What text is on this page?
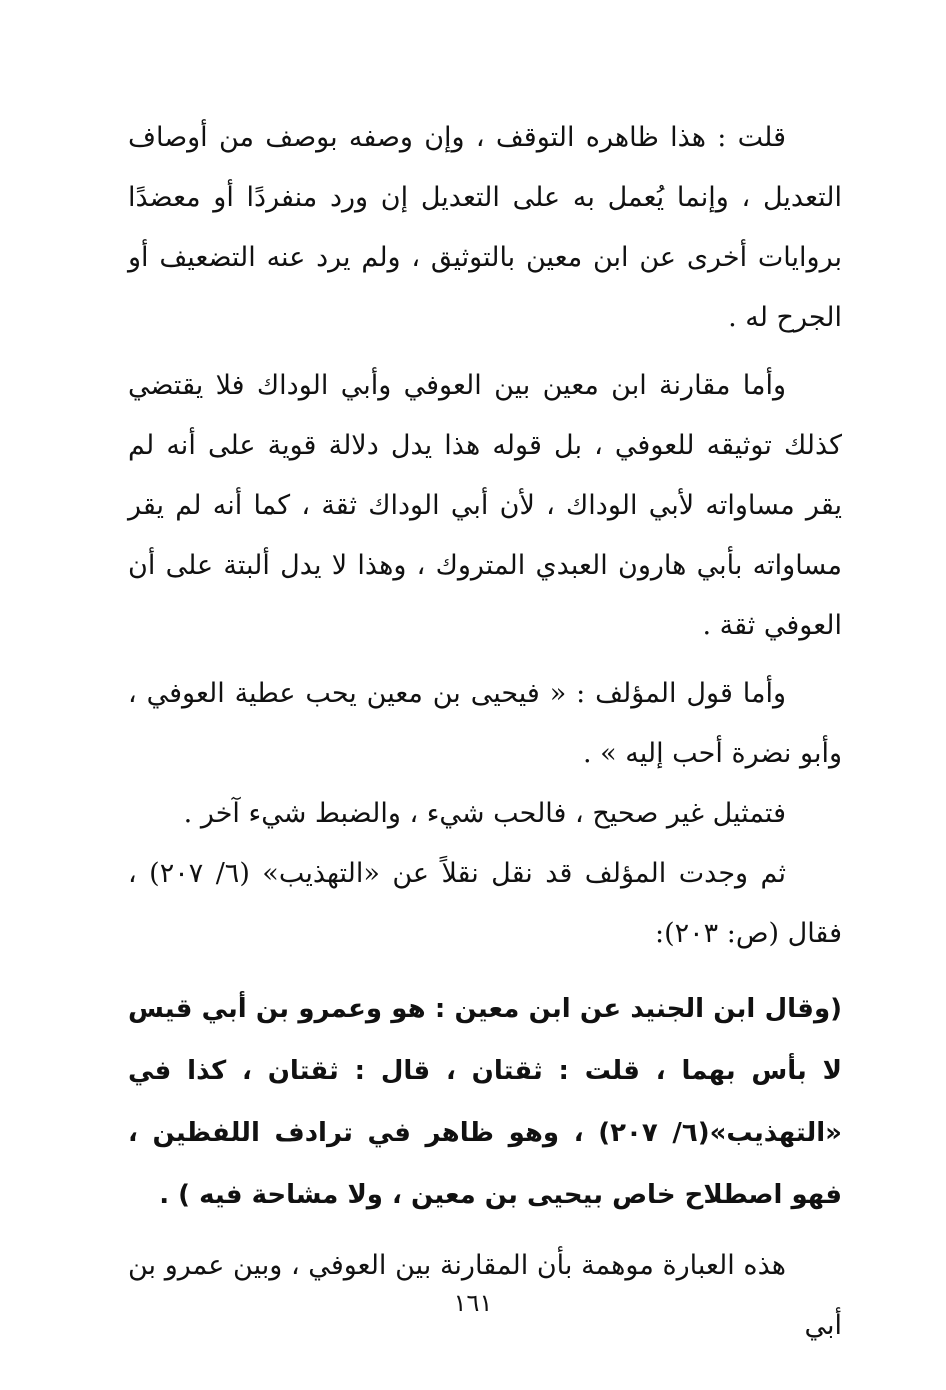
قلت : هذا ظاهره التوقف ، وإن وصفه بوصف من أوصاف التعديل ، وإنما يُعمل به على التعديل إن ورد منفردًا أو معضدًا بروايات أخرى عن ابن معين بالتوثيق ، ولم يرد عنه التضعيف أو الجرح له .

وأما مقارنة ابن معين بين العوفي وأبي الوداك فلا يقتضي كذلك توثيقه للعوفي ، بل قوله هذا يدل دلالة قوية على أنه لم يقر مساواته لأبي الوداك ، لأن أبي الوداك ثقة ، كما أنه لم يقر مساواته بأبي هارون العبدي المتروك ، وهذا لا يدل ألبتة على أن العوفي ثقة .

وأما قول المؤلف : « فيحيى بن معين يحب عطية العوفي ، وأبو نضرة أحب إليه » .

فتمثيل غير صحيح ، فالحب شيء ، والضبط شيء آخر .

ثم وجدت المؤلف قد نقل نقلاً عن «التهذيب» (٦/ ٢٠٧) ، فقال (ص: ٢٠٣):

(وقال ابن الجنيد عن ابن معين : هو وعمرو بن أبي قيس لا بأس بهما ، قلت : ثقتان ، قال : ثقتان ، كذا في «التهذيب»(٦/ ٢٠٧) ، وهو ظاهر في ترادف اللفظين ، فهو اصطلاح خاص بيحيى بن معين ، ولا مشاحة فيه ) .

هذه العبارة موهمة بأن المقارنة بين العوفي ، وبين عمرو بن أبي

١٦١
